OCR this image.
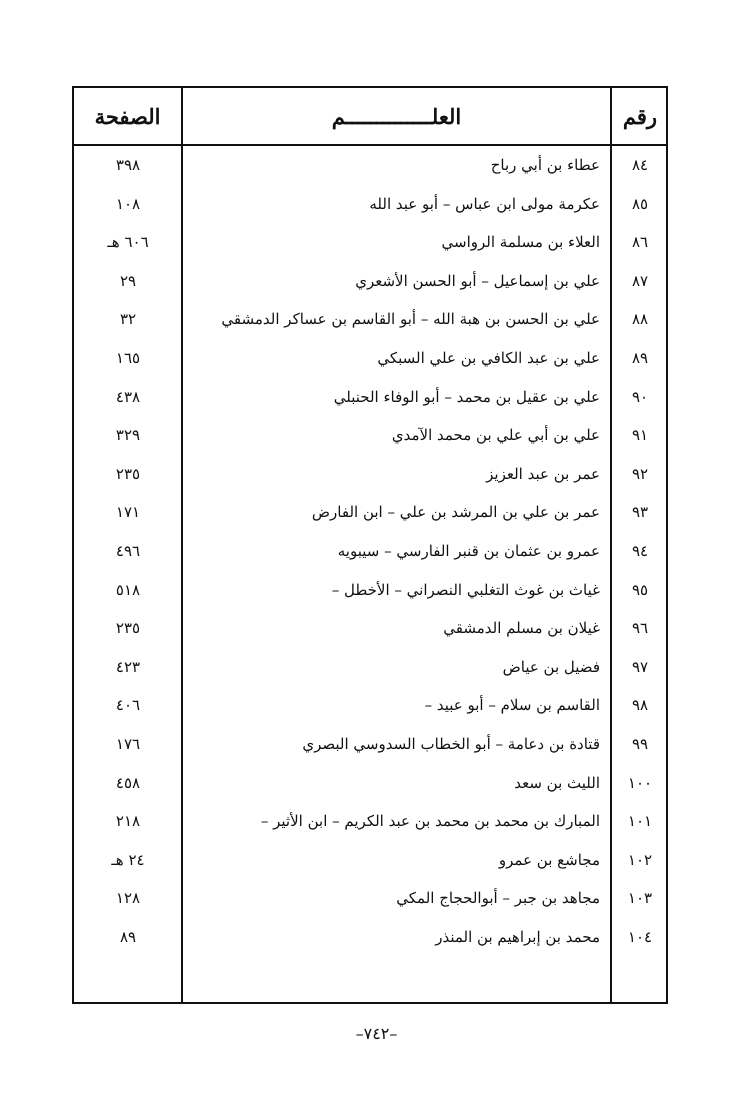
الصفحة	العلــــــــــــــم	رقم
٨٤
عطاء بن أبي رباح
٣٩٨
٨٥
عكرمة مولى ابن عباس – أبو عبد الله
١٠٨
٨٦
العلاء بن مسلمة الرواسي
٦٠٦ هـ
٨٧
علي بن إسماعيل – أبو الحسن الأشعري
٢٩
٨٨
علي بن الحسن بن هبة الله – أبو القاسم بن عساكر الدمشقي
٣٢
٨٩
علي بن عبد الكافي بن علي السبكي
١٦٥
٩٠
علي بن عقيل بن محمد – أبو الوفاء الحنبلي
٤٣٨
٩١
علي بن أبي علي بن محمد الآمدي
٣٢٩
٩٢
عمر بن عبد العزيز
٢٣٥
٩٣
عمر بن علي بن المرشد بن علي – ابن الفارض
١٧١
٩٤
عمرو بن عثمان بن قنبر الفارسي – سيبويه
٤٩٦
٩٥
غياث بن غوث التغلبي النصراني – الأخطل –
٥١٨
٩٦
غيلان بن مسلم الدمشقي
٢٣٥
٩٧
فضيل بن عياض
٤٢٣
٩٨
القاسم بن سلام – أبو عبيد –
٤٠٦
٩٩
قتادة بن دعامة – أبو الخطاب السدوسي البصري
١٧٦
١٠٠
الليث بن سعد
٤٥٨
١٠١
المبارك بن محمد بن محمد بن عبد الكريم – ابن الأثير –
٢١٨
١٠٢
مجاشع بن عمرو
٢٤ هـ
١٠٣
مجاهد بن جبر – أبوالحجاج المكي
١٢٨
١٠٤
محمد بن إبراهيم بن المنذر
٨٩
–٧٤٢–
